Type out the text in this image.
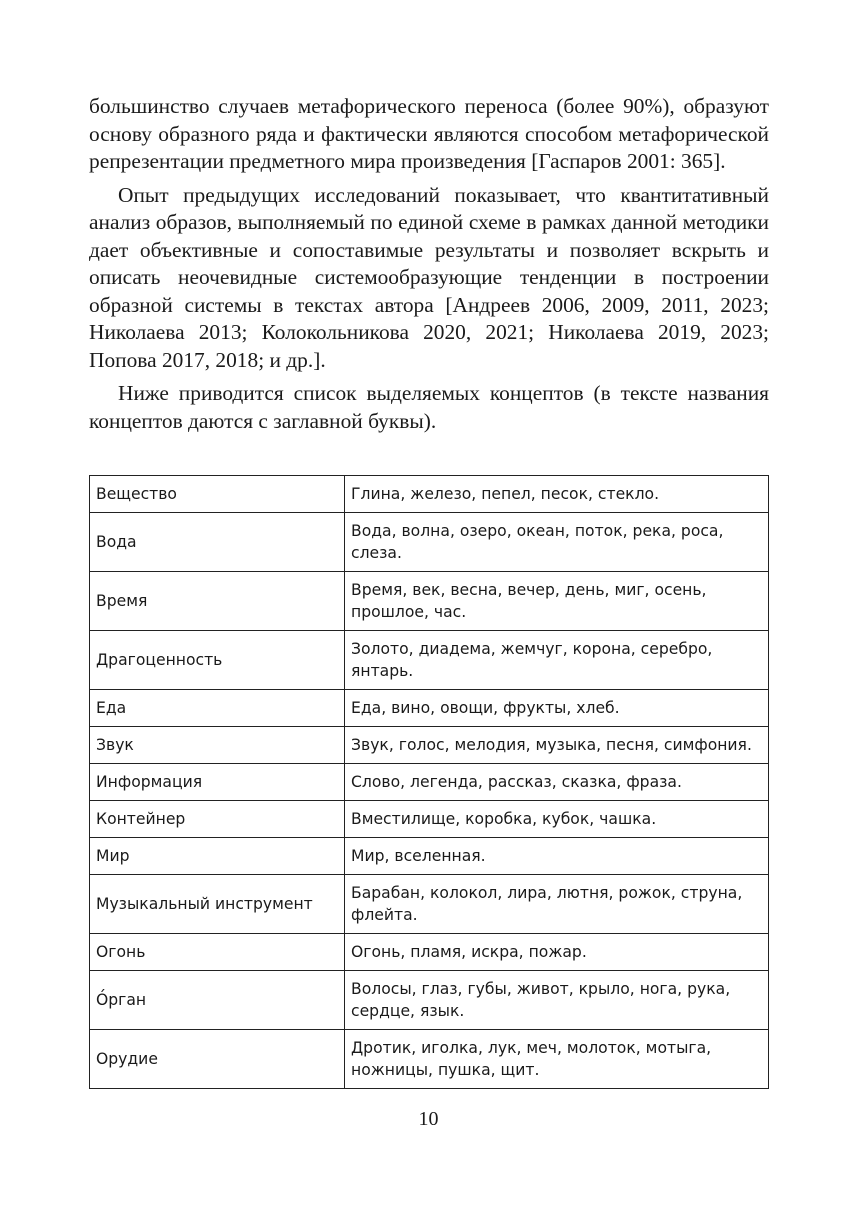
большинство случаев метафорического переноса (более 90%), образуют основу образного ряда и фактически являются способом метафорической репрезентации предметного мира произведения [Гаспаров 2001: 365].

Опыт предыдущих исследований показывает, что квантитативный анализ образов, выполняемый по единой схеме в рамках данной методики дает объективные и сопоставимые результаты и позволяет вскрыть и описать неочевидные системообразующие тенденции в построении образной системы в текстах автора [Андреев 2006, 2009, 2011, 2023; Николаева 2013; Колокольникова 2020, 2021; Николаева 2019, 2023; Попова 2017, 2018; и др.].

Ниже приводится список выделяемых концептов (в тексте названия концептов даются с заглавной буквы).

Вещество	Глина, железо, пепел, песок, стекло.
Вода	Вода, волна, озеро, океан, поток, река, роса, слеза.
Время	Время, век, весна, вечер, день, миг, осень, прошлое, час.
Драгоценность	Золото, диадема, жемчуг, корона, серебро, янтарь.
Еда	Еда, вино, овощи, фрукты, хлеб.
Звук	Звук, голос, мелодия, музыка, песня, симфония.
Информация	Слово, легенда, рассказ, сказка, фраза.
Контейнер	Вместилище, коробка, кубок, чашка.
Мир	Мир, вселенная.
Музыкальный инструмент	Барабан, колокол, лира, лютня, рожок, струна, флейта.
Огонь	Огонь, пламя, искра, пожар.
О́рган	Волосы, глаз, губы, живот, крыло, нога, рука, сердце, язык.
Орудие	Дротик, иголка, лук, меч, молоток, мотыга, ножницы, пушка, щит.
10
